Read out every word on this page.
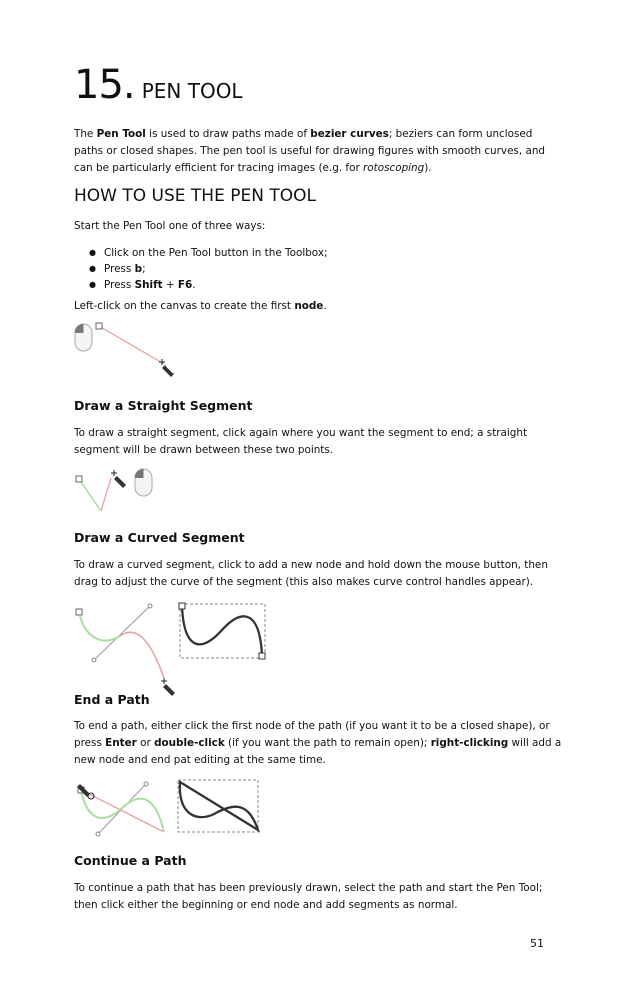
15. PEN TOOL

The Pen Tool is used to draw paths made of bezier curves; beziers can form unclosed paths or closed shapes. The pen tool is useful for drawing figures with smooth curves, and can be particularly efficient for tracing images (e.g. for rotoscoping).

HOW TO USE THE PEN TOOL

Start the Pen Tool one of three ways:

● Click on the Pen Tool button in the Toolbox;
● Press b;
● Press Shift + F6.

Left-click on the canvas to create the first node.

Draw a Straight Segment

To draw a straight segment, click again where you want the segment to end; a straight segment will be drawn between these two points.

Draw a Curved Segment

To draw a curved segment, click to add a new node and hold down the mouse button, then drag to adjust the curve of the segment (this also makes curve control handles appear).

End a Path

To end a path, either click the first node of the path (if you want it to be a closed shape), or press Enter or double-click (if you want the path to remain open); right-clicking will add a new node and end pat editing at the same time.

Continue a Path

To continue a path that has been previously drawn, select the path and start the Pen Tool; then click either the beginning or end node and add segments as normal.

51
